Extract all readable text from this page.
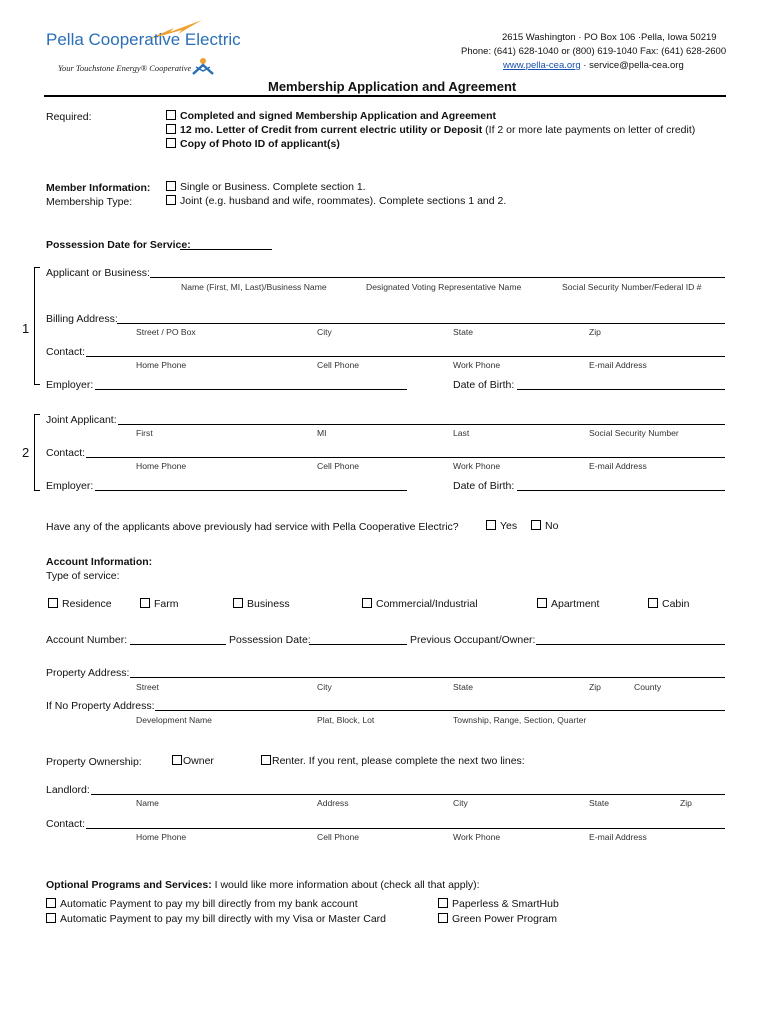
Pella Cooperative Electric
Your Touchstone Energy® Cooperative
2615 Washington · PO Box 106 ·Pella, Iowa 50219
Phone: (641) 628-1040 or (800) 619-1040 Fax: (641) 628-2600
www.pella-cea.org · service@pella-cea.org
Membership Application and Agreement
Required:	Completed and signed Membership Application and Agreement
12 mo. Letter of Credit from current electric utility or Deposit (If 2 or more late payments on letter of credit)
Copy of Photo ID of applicant(s)
Member Information:
Membership Type:
Single or Business. Complete section 1.
Joint (e.g. husband and wife, roommates). Complete sections 1 and 2.
Possession Date for Service:
1
Applicant or Business:
Name (First, MI, Last)/Business Name	Designated Voting Representative Name	Social Security Number/Federal ID #
Billing Address:
Street / PO Box	City	State	Zip
Contact:
Home Phone	Cell Phone	Work Phone	E-mail Address
Employer:	Date of Birth:
2
Joint Applicant:
First	MI	Last	Social Security Number
Contact:
Home Phone	Cell Phone	Work Phone	E-mail Address
Employer:	Date of Birth:
Have any of the applicants above previously had service with Pella Cooperative Electric?	Yes	No
Account Information:
Type of service:
Residence	Farm	Business	Commercial/Industrial	Apartment	Cabin
Account Number:	Possession Date:	Previous Occupant/Owner:
Property Address:
Street	City	State	Zip	County
If No Property Address:
Development Name	Plat, Block, Lot	Township, Range, Section, Quarter
Property Ownership:	Owner	Renter. If you rent, please complete the next two lines:
Landlord:
Name	Address	City	State	Zip
Contact:
Home Phone	Cell Phone	Work Phone	E-mail Address
Optional Programs and Services: I would like more information about (check all that apply):
Automatic Payment to pay my bill directly from my bank account
Automatic Payment to pay my bill directly with my Visa or Master Card
Paperless & SmartHub
Green Power Program
